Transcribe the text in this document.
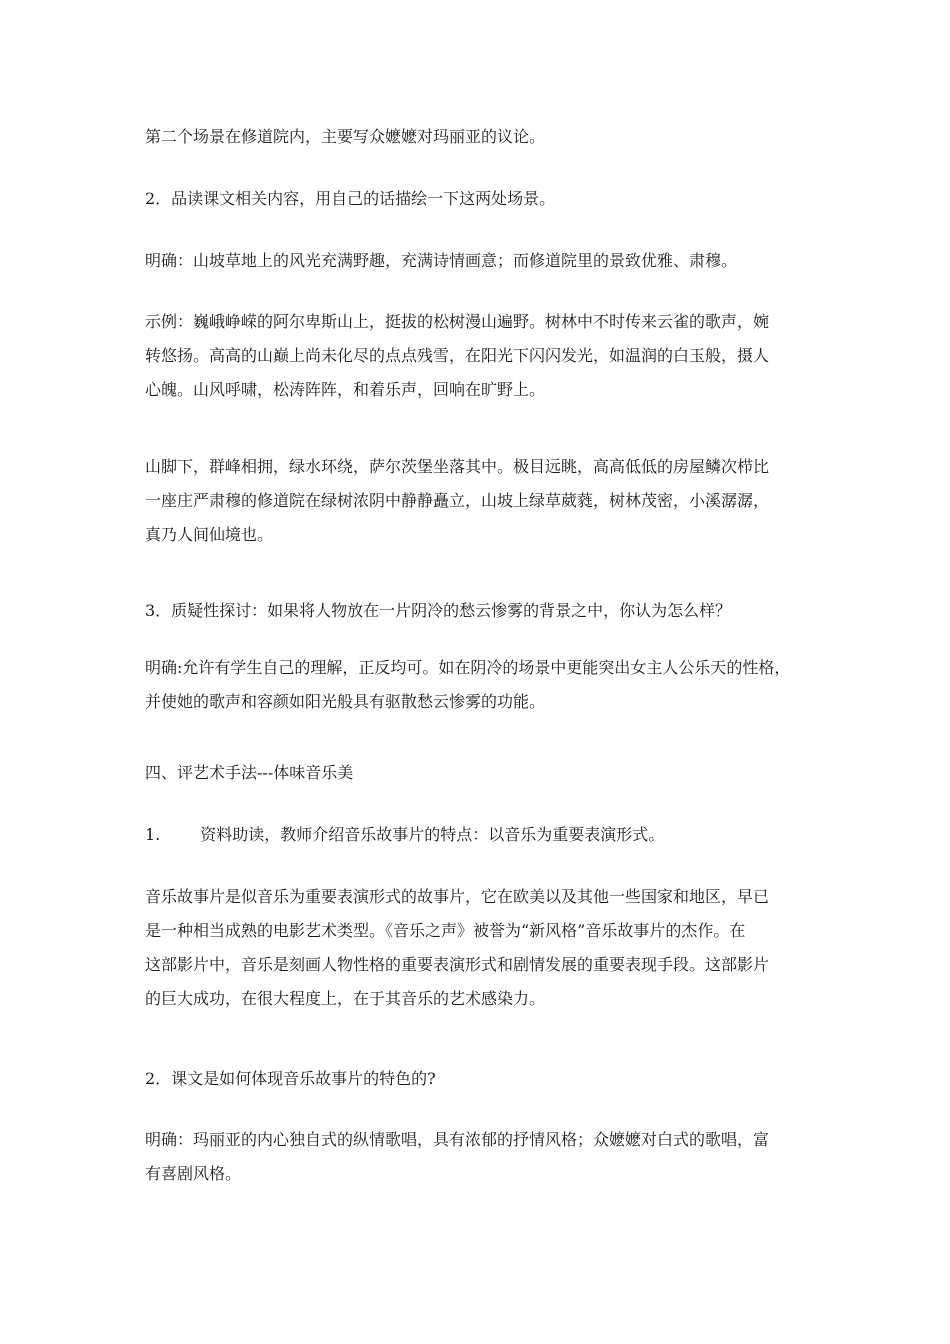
第二个场景在修道院内，主要写众嬷嬷对玛丽亚的议论。

2．品读课文相关内容，用自己的话描绘一下这两处场景。

明确：山坡草地上的风光充满野趣，充满诗情画意；而修道院里的景致优雅、肃穆。

示例：巍峨峥嵘的阿尔卑斯山上，挺拔的松树漫山遍野。树林中不时传来云雀的歌声，婉
转悠扬。高高的山巅上尚未化尽的点点残雪，在阳光下闪闪发光，如温润的白玉般，摄人
心魄。山风呼啸，松涛阵阵，和着乐声，回响在旷野上。

山脚下，群峰相拥，绿水环绕，萨尔茨堡坐落其中。极目远眺，高高低低的房屋鳞次栉比
一座庄严肃穆的修道院在绿树浓阴中静静矗立，山坡上绿草葳蕤，树林茂密，小溪潺潺，
真乃人间仙境也。

3．质疑性探讨：如果将人物放在一片阴冷的愁云惨雾的背景之中，你认为怎么样？

明确:允许有学生自己的理解，正反均可。如在阴冷的场景中更能突出女主人公乐天的性格，
并使她的歌声和容颜如阳光般具有驱散愁云惨雾的功能。

四、评艺术手法---体味音乐美

1.	资料助读，教师介绍音乐故事片的特点：以音乐为重要表演形式。

音乐故事片是似音乐为重要表演形式的故事片，它在欧美以及其他一些国家和地区，早已
是一种相当成熟的电影艺术类型。《音乐之声》被誉为“新风格”音乐故事片的杰作。在
这部影片中，音乐是刻画人物性格的重要表演形式和剧情发展的重要表现手段。这部影片
的巨大成功，在很大程度上，在于其音乐的艺术感染力。

2．课文是如何体现音乐故事片的特色的?

明确：玛丽亚的内心独自式的纵情歌唱，具有浓郁的抒情风格；众嬷嬷对白式的歌唱，富
有喜剧风格。
